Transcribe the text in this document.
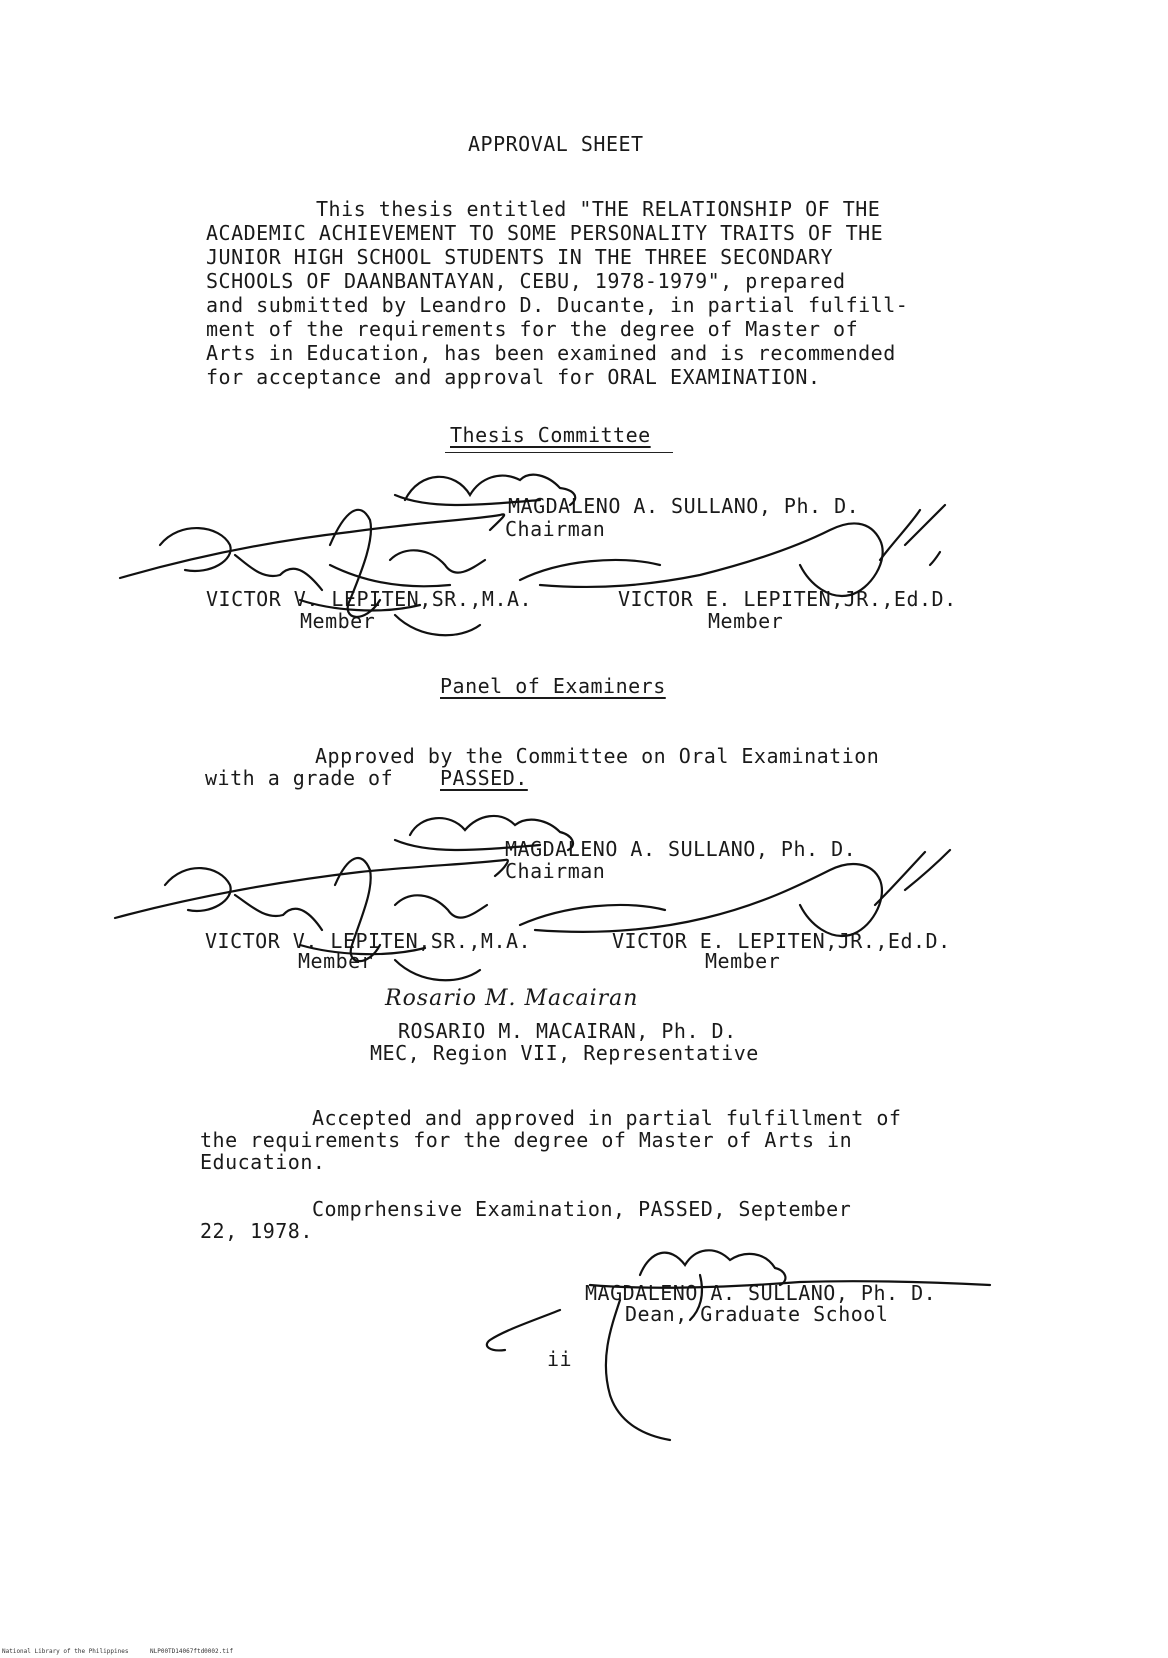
APPROVAL SHEET
This thesis entitled "THE RELATIONSHIP OF THE
ACADEMIC ACHIEVEMENT TO SOME PERSONALITY TRAITS OF THE
JUNIOR HIGH SCHOOL STUDENTS IN THE THREE SECONDARY
SCHOOLS OF DAANBANTAYAN, CEBU, 1978-1979", prepared
and submitted by Leandro D. Ducante, in partial fulfill-
ment of the requirements for the degree of Master of
Arts in Education, has been examined and is recommended
for acceptance and approval for ORAL EXAMINATION.
Thesis Committee
MAGDALENO A. SULLANO, Ph. D.
Chairman
VICTOR V. LEPITEN,SR.,M.A.
Member
VICTOR E. LEPITEN,JR.,Ed.D.
Member
Panel of Examiners
Approved by the Committee on Oral Examination
with a grade of PASSED.
MAGDALENO A. SULLANO, Ph. D.
Chairman
VICTOR V. LEPITEN,SR.,M.A.
Member
VICTOR E. LEPITEN,JR.,Ed.D.
Member
Rosario M. Macairan
ROSARIO M. MACAIRAN, Ph. D.
MEC, Region VII, Representative
Accepted and approved in partial fulfillment of
the requirements for the degree of Master of Arts in
Education.
Comprhensive Examination, PASSED, September
22, 1978.
MAGDALENO A. SULLANO, Ph. D.
Dean, Graduate School
ii
National Library of the Philippines	NLP00TD14067ftd0002.tif
